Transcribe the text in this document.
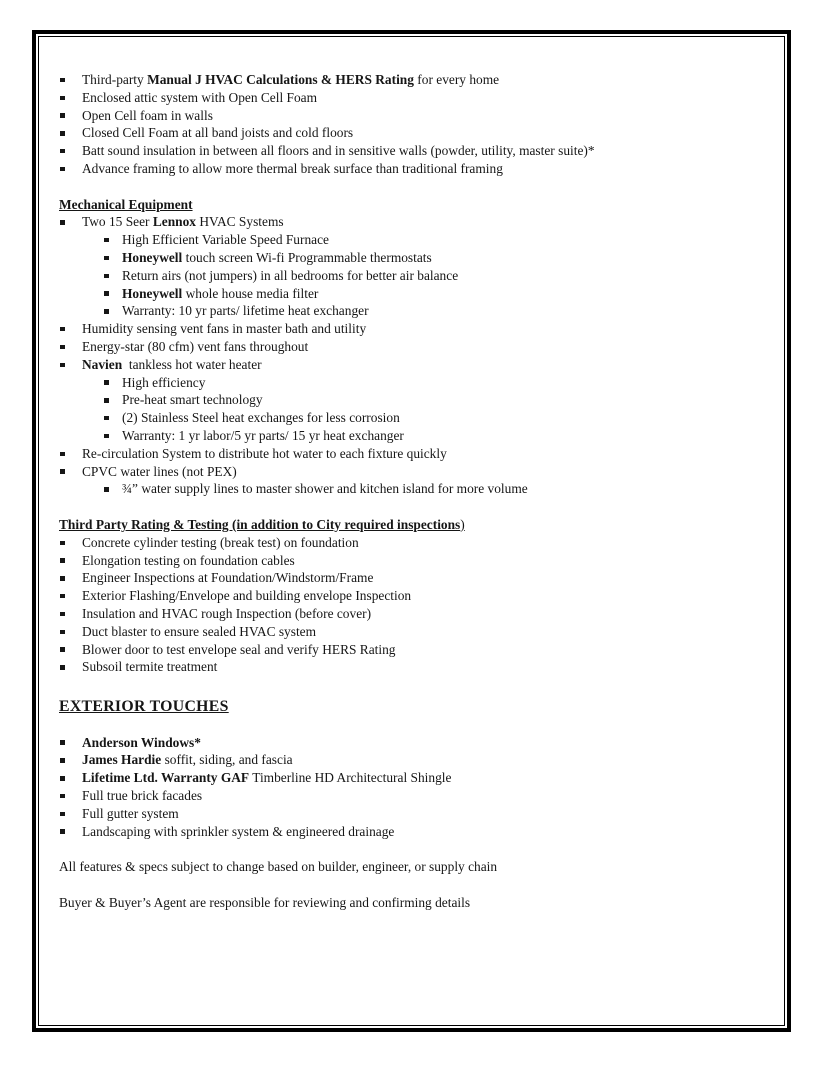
Third-party Manual J HVAC Calculations & HERS Rating for every home
Enclosed attic system with Open Cell Foam
Open Cell foam in walls
Closed Cell Foam at all band joists and cold floors
Batt sound insulation in between all floors and in sensitive walls (powder, utility, master suite)*
Advance framing to allow more thermal break surface than traditional framing
Mechanical Equipment
Two 15 Seer Lennox HVAC Systems
High Efficient Variable Speed Furnace
Honeywell touch screen Wi-fi Programmable thermostats
Return airs (not jumpers) in all bedrooms for better air balance
Honeywell whole house media filter
Warranty: 10 yr parts/ lifetime heat exchanger
Humidity sensing vent fans in master bath and utility
Energy-star (80 cfm) vent fans throughout
Navien  tankless hot water heater
High efficiency
Pre-heat smart technology
(2) Stainless Steel heat exchanges for less corrosion
Warranty: 1 yr labor/5 yr parts/ 15 yr heat exchanger
Re-circulation System to distribute hot water to each fixture quickly
CPVC water lines (not PEX)
¾” water supply lines to master shower and kitchen island for more volume
Third Party Rating & Testing (in addition to City required inspections)
Concrete cylinder testing (break test) on foundation
Elongation testing on foundation cables
Engineer Inspections at Foundation/Windstorm/Frame
Exterior Flashing/Envelope and building envelope Inspection
Insulation and HVAC rough Inspection (before cover)
Duct blaster to ensure sealed HVAC system
Blower door to test envelope seal and verify HERS Rating
Subsoil termite treatment
EXTERIOR TOUCHES
Anderson Windows*
James Hardie soffit, siding, and fascia
Lifetime Ltd. Warranty GAF Timberline HD Architectural Shingle
Full true brick facades
Full gutter system
Landscaping with sprinkler system & engineered drainage
All features & specs subject to change based on builder, engineer, or supply chain
Buyer & Buyer’s Agent are responsible for reviewing and confirming details
